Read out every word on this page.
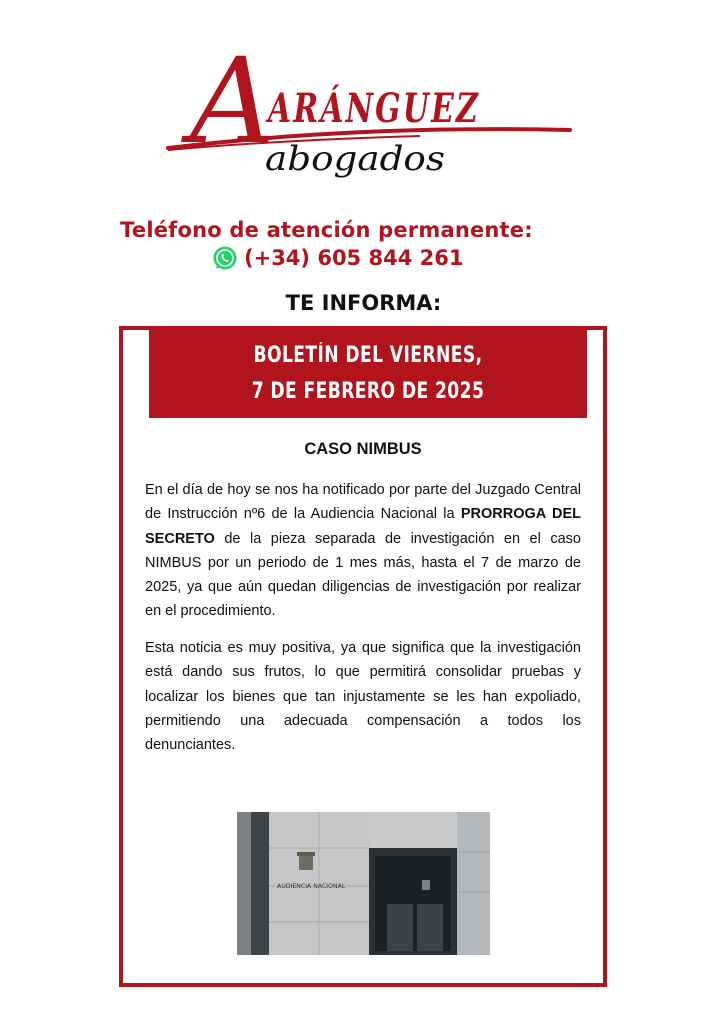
A
ARÁNGUEZ
abogados
Teléfono de atención permanente:
(+34) 605 844 261
TE INFORMA:
BOLETÍN DEL VIERNES,
7 DE FEBRERO DE 2025
CASO NIMBUS

En el día de hoy se nos ha notificado por parte del Juzgado Central de Instrucción nº6 de la Audiencia Nacional la PRORROGA DEL SECRETO de la pieza separada de investigación en el caso NIMBUS por un periodo de 1 mes más, hasta el 7 de marzo de 2025, ya que aún quedan diligencias de investigación por realizar en el procedimiento.

Esta noticia es muy positiva, ya que significa que la investigación está dando sus frutos, lo que permitirá consolidar pruebas y localizar los bienes que tan injustamente se les han expoliado, permitiendo una adecuada compensación a todos los denunciantes.

AUDIENCIA NACIONAL
